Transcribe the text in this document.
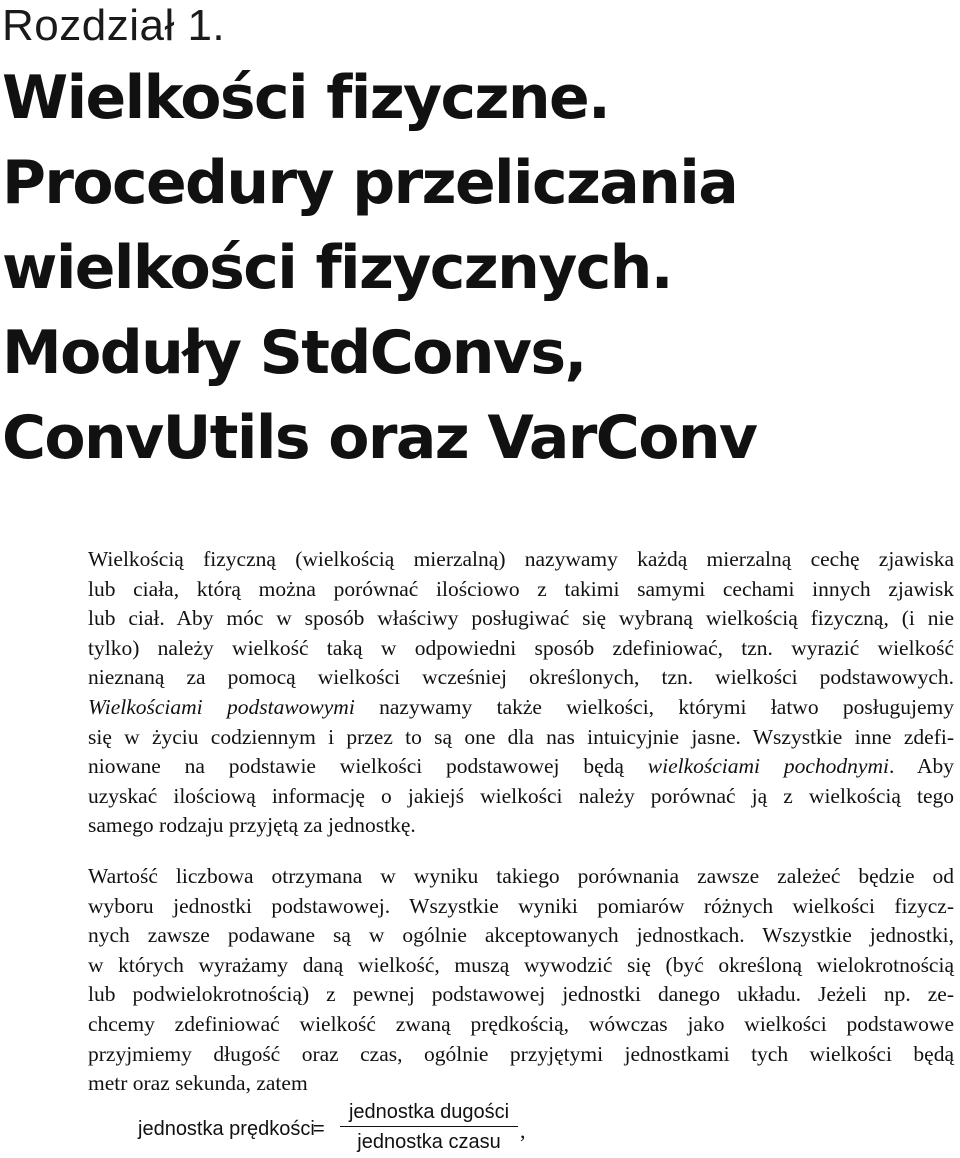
Rozdział 1.
Wielkości fizyczne.
Procedury przeliczania
wielkości fizycznych.
Moduły StdConvs,
ConvUtils oraz VarConv
Wielkością fizyczną (wielkością mierzalną) nazywamy każdą mierzalną cechę zjawiska
lub ciała, którą można porównać ilościowo z takimi samymi cechami innych zjawisk
lub ciał. Aby móc w sposób właściwy posługiwać się wybraną wielkością fizyczną, (i nie
tylko) należy wielkość taką w odpowiedni sposób zdefiniować, tzn. wyrazić wielkość
nieznaną za pomocą wielkości wcześniej określonych, tzn. wielkości podstawowych.
Wielkościami podstawowymi nazywamy także wielkości, którymi łatwo posługujemy
się w życiu codziennym i przez to są one dla nas intuicyjnie jasne. Wszystkie inne zdefi-
niowane na podstawie wielkości podstawowej będą wielkościami pochodnymi. Aby
uzyskać ilościową informację o jakiejś wielkości należy porównać ją z wielkością tego
samego rodzaju przyjętą za jednostkę.
Wartość liczbowa otrzymana w wyniku takiego porównania zawsze zależeć będzie od
wyboru jednostki podstawowej. Wszystkie wyniki pomiarów różnych wielkości fizycz-
nych zawsze podawane są w ogólnie akceptowanych jednostkach. Wszystkie jednostki,
w których wyrażamy daną wielkość, muszą wywodzić się (być określoną wielokrotnością
lub podwielokrotnością) z pewnej podstawowej jednostki danego układu. Jeżeli np. ze-
chcemy zdefiniować wielkość zwaną prędkością, wówczas jako wielkości podstawowe
przyjmiemy długość oraz czas, ogólnie przyjętymi jednostkami tych wielkości będą
metr oraz sekunda, zatem
jednostka prędkości
=
jednostka dugości
jednostka czasu ,
